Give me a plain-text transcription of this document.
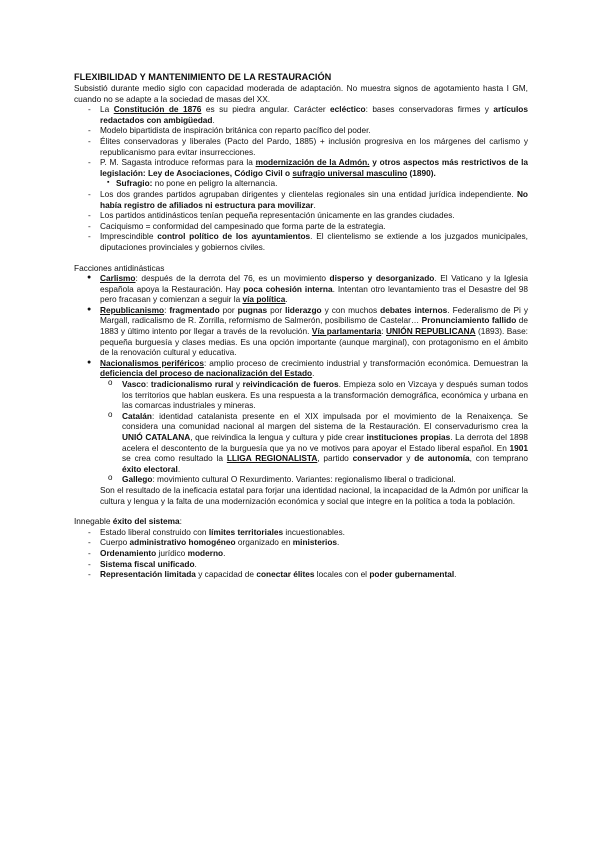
FLEXIBILIDAD Y MANTENIMIENTO DE LA RESTAURACIÓN

Subsistió durante medio siglo con capacidad moderada de adaptación. No muestra signos de agotamiento hasta I GM, cuando no se adapte a la sociedad de masas del XX.

- La Constitución de 1876 es su piedra angular. Carácter ecléctico: bases conservadoras firmes y artículos redactados con ambigüedad.
- Modelo bipartidista de inspiración británica con reparto pacífico del poder.
- Élites conservadoras y liberales (Pacto del Pardo, 1885) + inclusión progresiva en los márgenes del carlismo y republicanismo para evitar insurrecciones.
- P. M. Sagasta introduce reformas para la modernización de la Admón. y otros aspectos más restrictivos de la legislación: Ley de Asociaciones, Código Civil o sufragio universal masculino (1890).
▪ Sufragio: no pone en peligro la alternancia.
- Los dos grandes partidos agrupaban dirigentes y clientelas regionales sin una entidad jurídica independiente. No había registro de afiliados ni estructura para movilizar.
- Los partidos antidinásticos tenían pequeña representación únicamente en las grandes ciudades.
- Caciquismo = conformidad del campesinado que forma parte de la estrategia.
- Imprescindible control político de los ayuntamientos. El clientelismo se extiende a los juzgados municipales, diputaciones provinciales y gobiernos civiles.

Facciones antidinásticas

● Carlismo: después de la derrota del 76, es un movimiento disperso y desorganizado. El Vaticano y la Iglesia española apoya la Restauración. Hay poca cohesión interna. Intentan otro levantamiento tras el Desastre del 98 pero fracasan y comienzan a seguir la vía política.
● Republicanismo: fragmentado por pugnas por liderazgo y con muchos debates internos. Federalismo de Pi y Margall, radicalismo de R. Zorrilla, reformismo de Salmerón, posibilismo de Castelar… Pronunciamiento fallido de 1883 y último intento por llegar a través de la revolución. Vía parlamentaria: UNIÓN REPUBLICANA (1893). Base: pequeña burguesía y clases medias. Es una opción importante (aunque marginal), con protagonismo en el ámbito de la renovación cultural y educativa.
● Nacionalismos periféricos: amplio proceso de crecimiento industrial y transformación económica. Demuestran la deficiencia del proceso de nacionalización del Estado.
o Vasco: tradicionalismo rural y reivindicación de fueros. Empieza solo en Vizcaya y después suman todos los territorios que hablan euskera. Es una respuesta a la transformación demográfica, económica y urbana en las comarcas industriales y mineras.
o Catalán: identidad catalanista presente en el XIX impulsada por el movimiento de la Renaixença. Se considera una comunidad nacional al margen del sistema de la Restauración. El conservadurismo crea la UNIÓ CATALANA, que reivindica la lengua y cultura y pide crear instituciones propias. La derrota del 1898 acelera el descontento de la burguesía que ya no ve motivos para apoyar el Estado liberal español. En 1901 se crea como resultado la LLIGA REGIONALISTA, partido conservador y de autonomía, con temprano éxito electoral.
o Gallego: movimiento cultural O Rexurdimento. Variantes: regionalismo liberal o tradicional.

Son el resultado de la ineficacia estatal para forjar una identidad nacional, la incapacidad de la Admón por unificar la cultura y lengua y la falta de una modernización económica y social que integre en la política a toda la población.

Innegable éxito del sistema:

- Estado liberal construido con límites territoriales incuestionables.
- Cuerpo administrativo homogéneo organizado en ministerios.
- Ordenamiento jurídico moderno.
- Sistema fiscal unificado.
- Representación limitada y capacidad de conectar élites locales con el poder gubernamental.
